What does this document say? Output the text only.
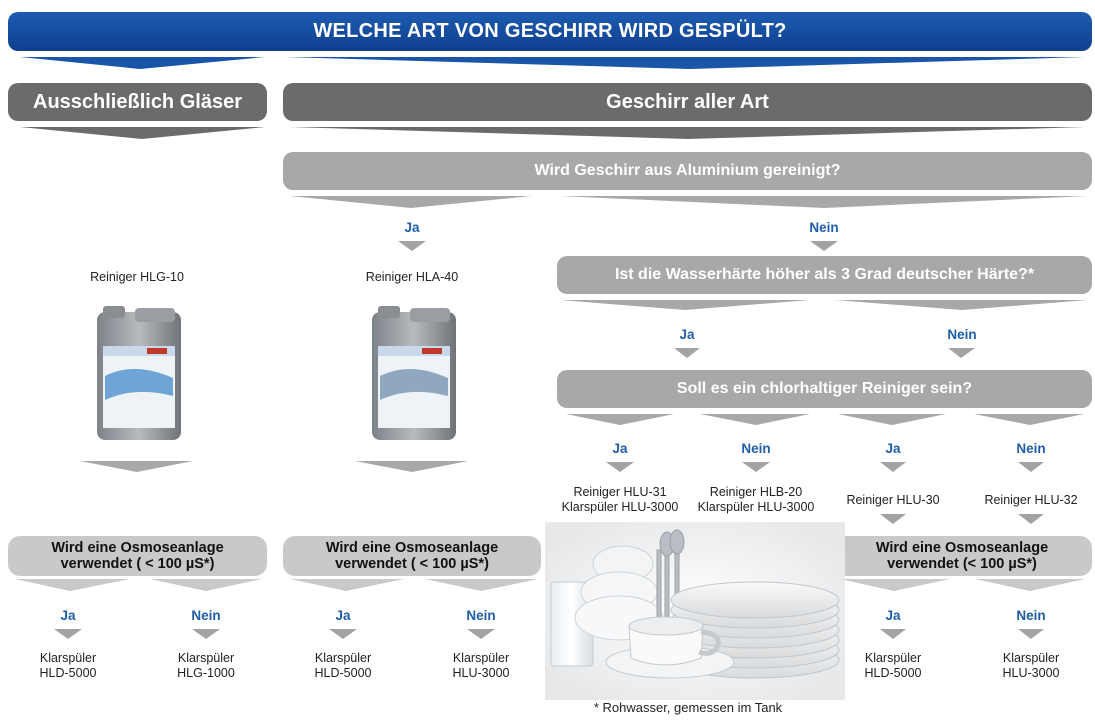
WELCHE ART VON GESCHIRR WIRD GESPÜLT?
Ausschließlich Gläser	Geschirr aller Art
Wird Geschirr aus Aluminium gereinigt?
Ja	Nein
Reiniger HLG-10	Reiniger HLA-40	Ist die Wasserhärte höher als 3 Grad deutscher Härte?*
Ja	Nein
Soll es ein chlorhaltiger Reiniger sein?
Ja	Nein	Ja	Nein
Reiniger HLU-31
Klarspüler HLU-3000
Reiniger HLB-20
Klarspüler HLU-3000	Reiniger HLU-30	Reiniger HLU-32
Wird eine Osmoseanlage
verwendet ( < 100 µS*)
Wird eine Osmoseanlage
verwendet ( < 100 µS*)
Wird eine Osmoseanlage
verwendet (< 100 µS*)
Ja	Nein	Ja	Nein	Ja	Nein
Klarspüler
HLD-5000
Klarspüler
HLG-1000
Klarspüler
HLD-5000
Klarspüler
HLU-3000
Klarspüler
HLD-5000
Klarspüler
HLU-3000
* Rohwasser, gemessen im Tank
